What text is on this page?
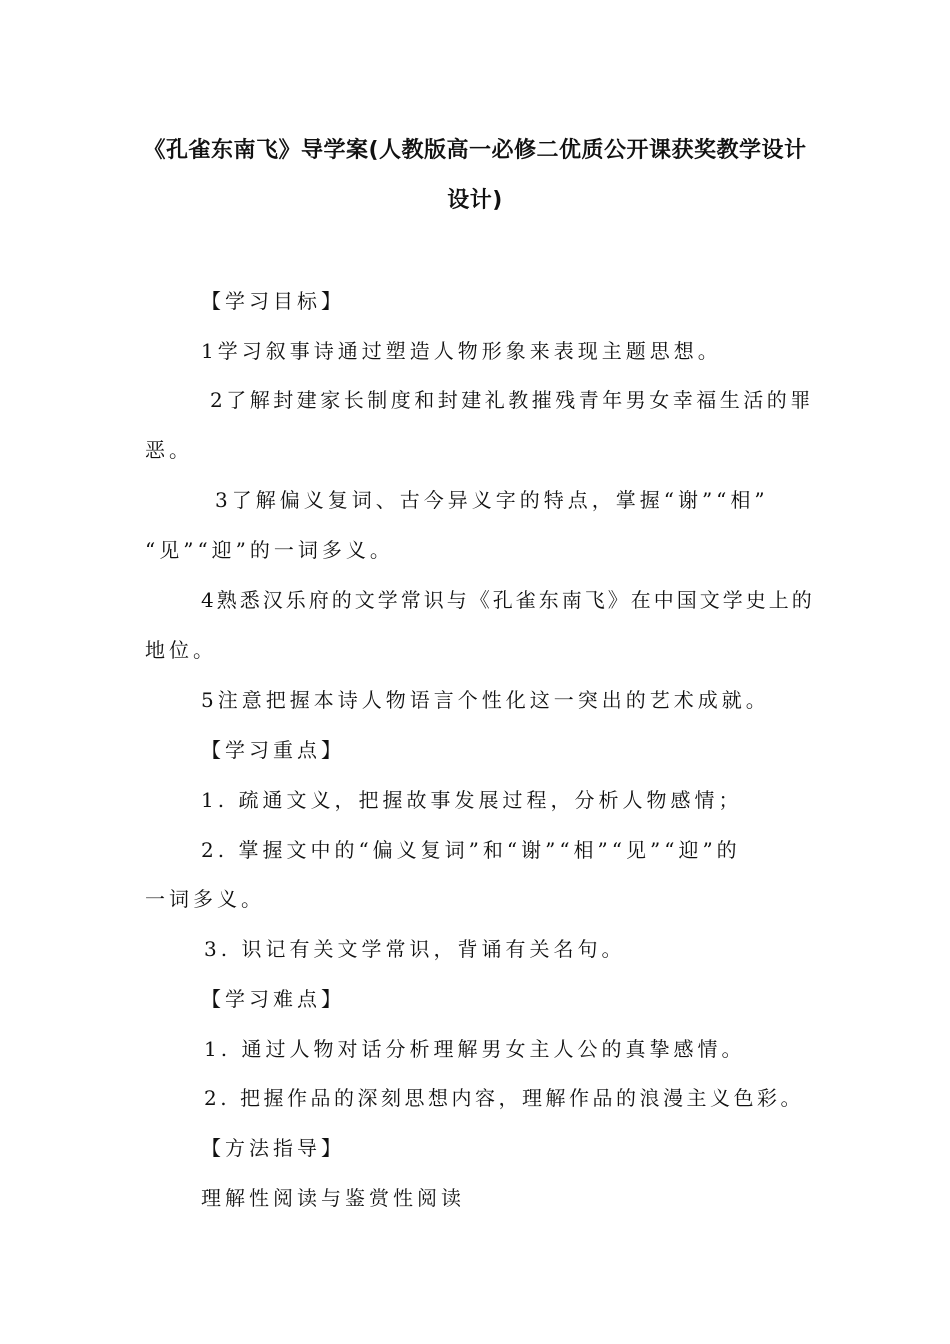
《孔雀东南飞》导学案(人教版高一必修二优质公开课获奖教学设计
设计)
【学习目标】
1学习叙事诗通过塑造人物形象来表现主题思想。
2了解封建家长制度和封建礼教摧残青年男女幸福生活的罪
恶。
3了解偏义复词、古今异义字的特点，掌握“谢”“相”
“见”“迎”的一词多义。
4熟悉汉乐府的文学常识与《孔雀东南飞》在中国文学史上的
地位。
5注意把握本诗人物语言个性化这一突出的艺术成就。
【学习重点】
1. 疏通文义，把握故事发展过程，分析人物感情；
2. 掌握文中的“偏义复词”和“谢”“相”“见”“迎”的
一词多义。
3. 识记有关文学常识，背诵有关名句。
【学习难点】
1. 通过人物对话分析理解男女主人公的真挚感情。
2. 把握作品的深刻思想内容，理解作品的浪漫主义色彩。
【方法指导】
理解性阅读与鉴赏性阅读
